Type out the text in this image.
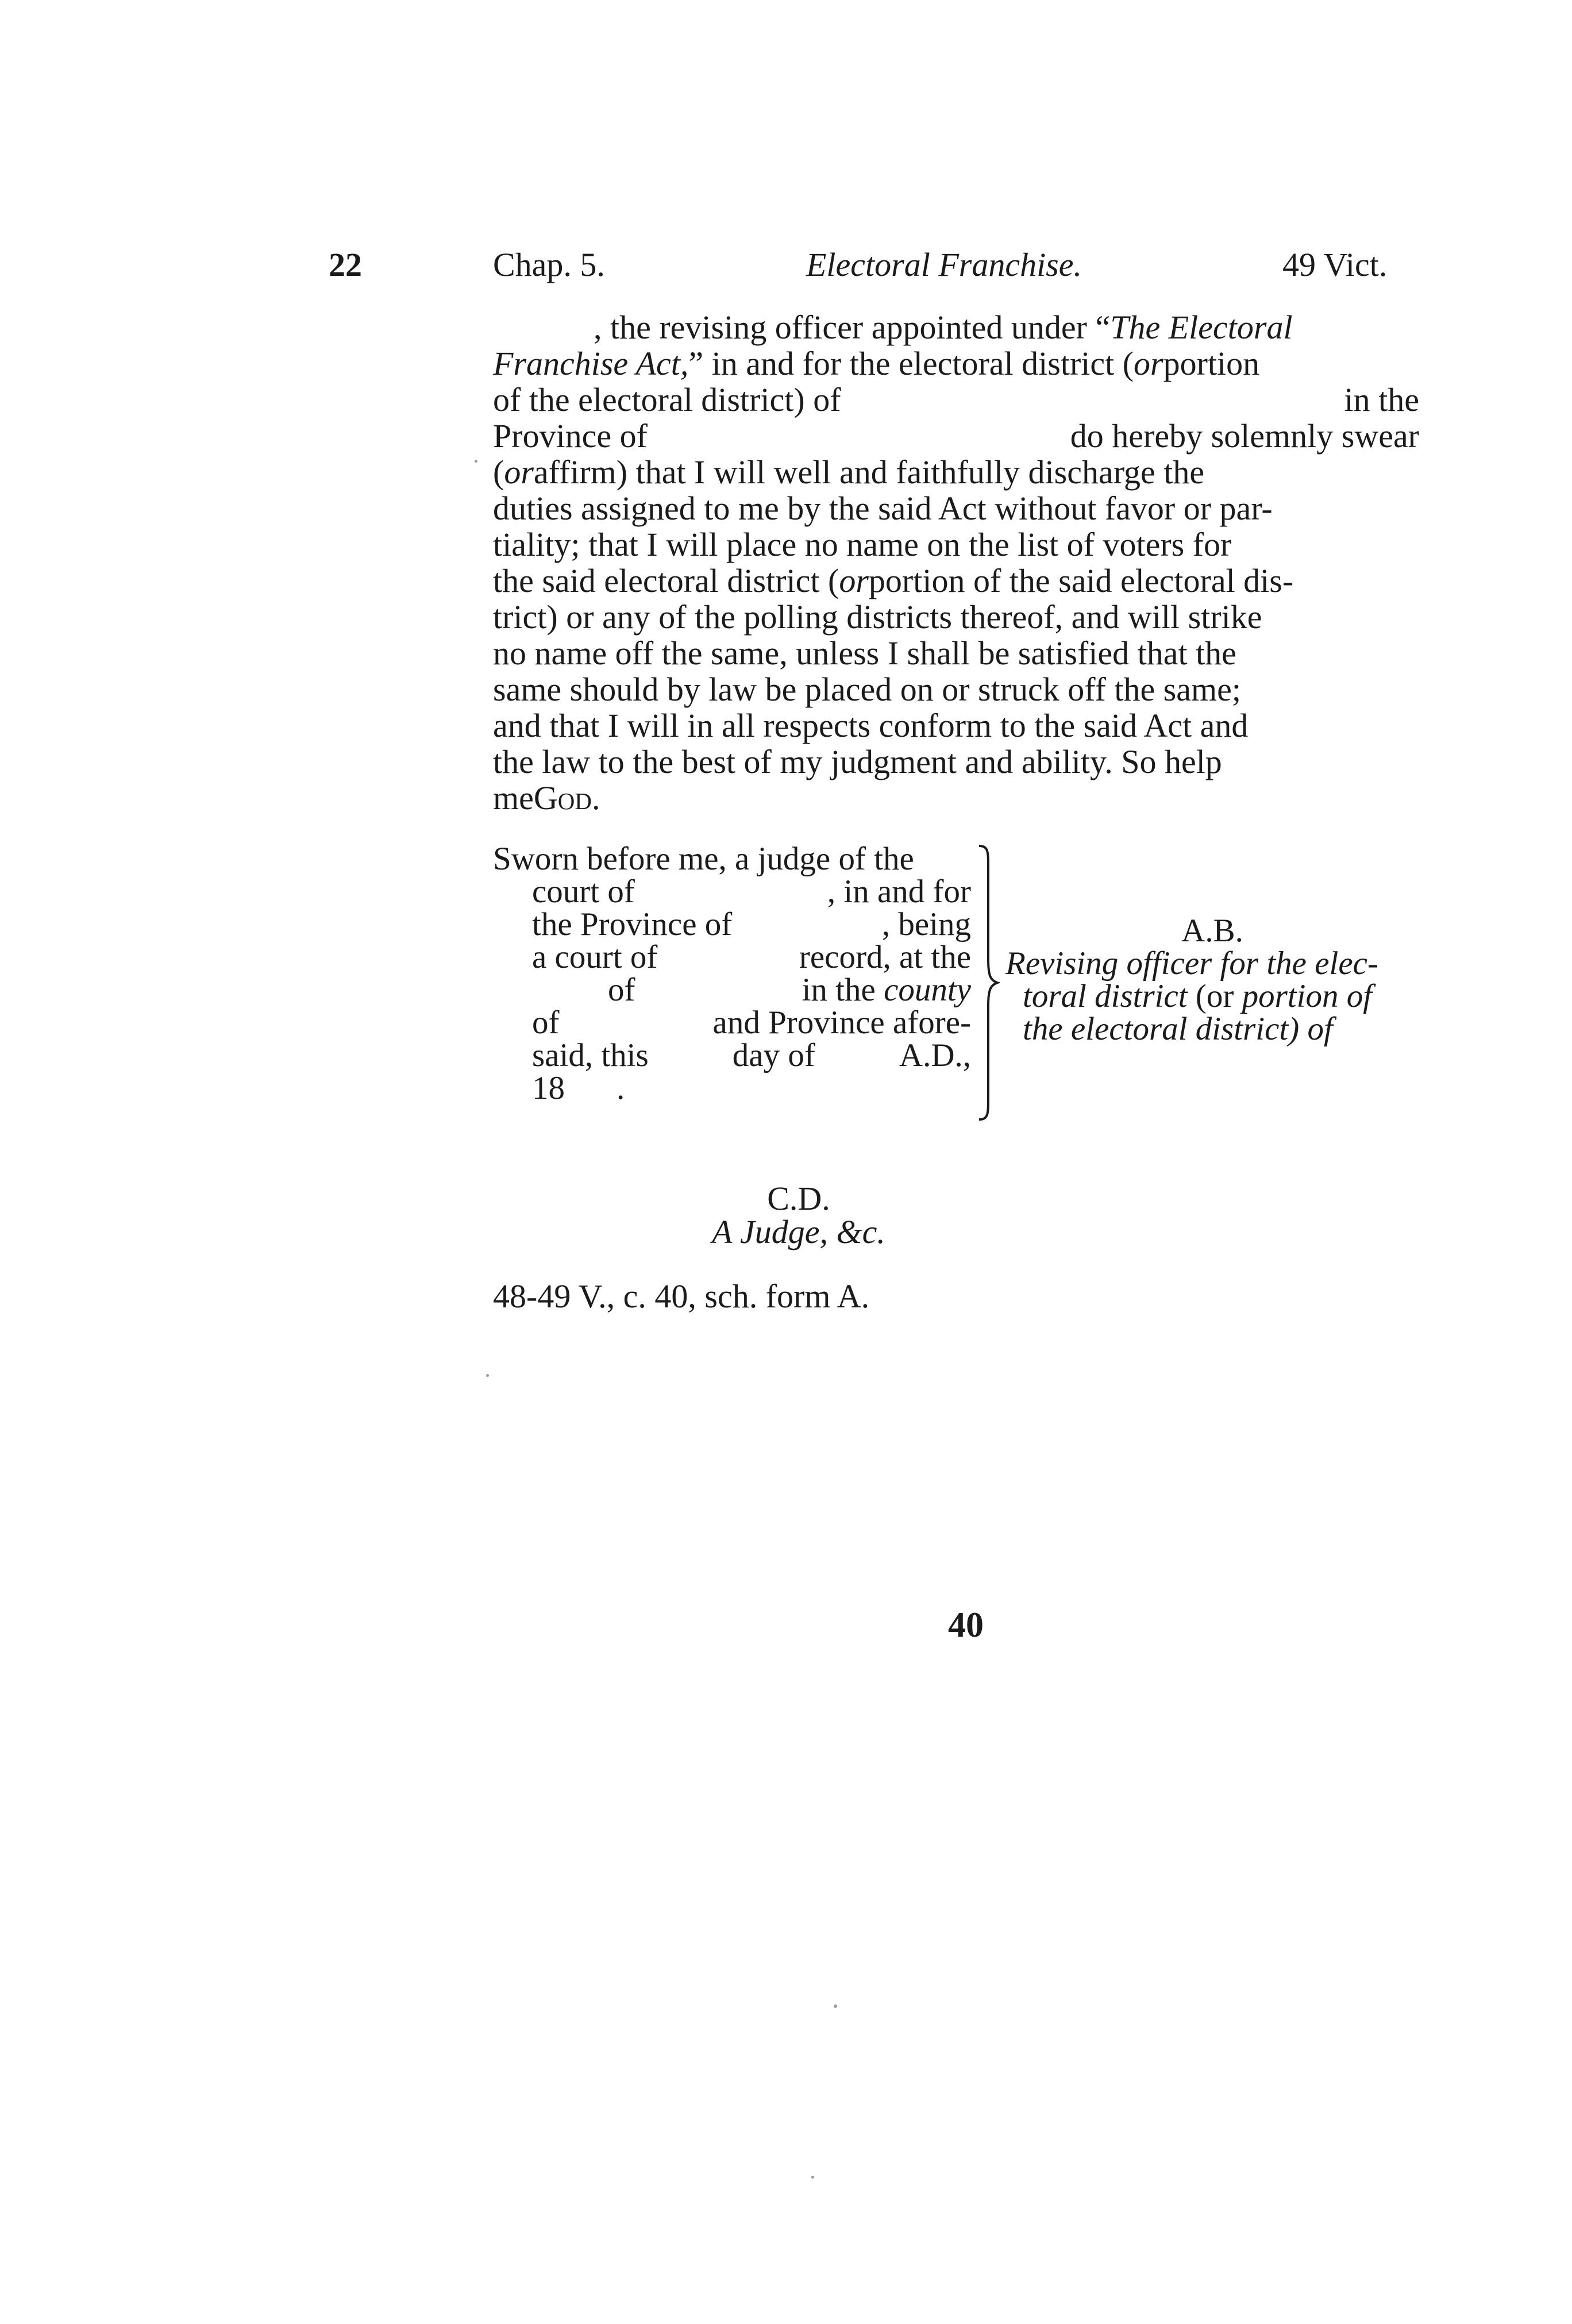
22	Chap. 5.	Electoral Franchise.	49 Vict.
, the revising officer appointed under “ The Electoral
Franchise Act, ” in and for the electoral district ( or portion
of the electoral district) of	in the
Province of	do hereby solemnly swear
( or affirm) that I will well and faithfully discharge the
duties assigned to me by the said Act without favor or par-
tiality; that I will place no name on the list of voters for
the said electoral district ( or portion of the said electoral dis-
trict) or any of the polling districts thereof, and will strike
no name off the same, unless I shall be satisfied that the
same should by law be placed on or struck off the same;
and that I will in all respects conform to the said Act and
the law to the best of my judgment and ability. So help
me God.
Sworn before me, a judge of the
court of	, in and for
the Province of	, being
a court of	record, at the
of	in the county
of	and Province afore-
said, this	day of	A.D.,
18 .
A.B.
Revising officer for the elec-
toral district (or portion of
the electoral district) of
C.D.
A Judge, &c.
48-49 V., c. 40, sch. form A.
40
